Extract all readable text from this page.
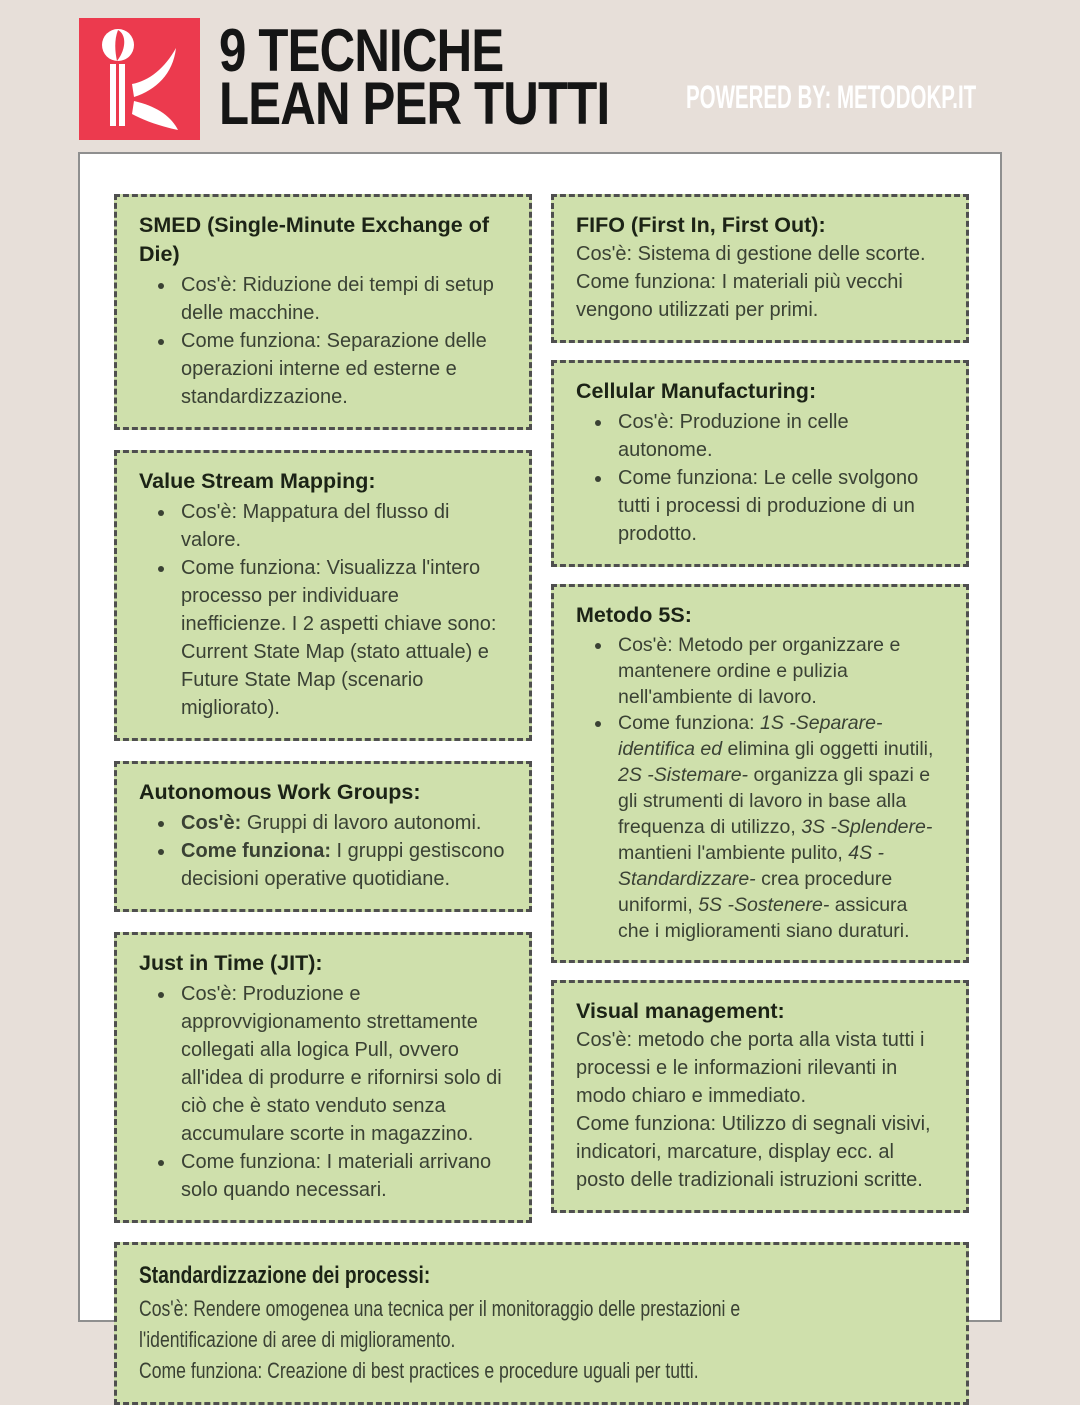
9 TECNICHE
LEAN PER TUTTI POWERED BY: METODOKP.IT
SMED (Single-Minute Exchange of Die)
• Cos'è: Riduzione dei tempi di setup delle macchine.
• Come funziona: Separazione delle operazioni interne ed esterne e standardizzazione.
Value Stream Mapping:
• Cos'è: Mappatura del flusso di valore.
• Come funziona: Visualizza l'intero processo per individuare inefficienze. I 2 aspetti chiave sono: Current State Map (stato attuale) e Future State Map (scenario migliorato).
Autonomous Work Groups:
• Cos'è: Gruppi di lavoro autonomi.
• Come funziona: I gruppi gestiscono decisioni operative quotidiane.
Just in Time (JIT):
• Cos'è: Produzione e approvvigionamento strettamente collegati alla logica Pull, ovvero all'idea di produrre e rifornirsi solo di ciò che è stato venduto senza accumulare scorte in magazzino.
• Come funziona: I materiali arrivano solo quando necessari.
FIFO (First In, First Out):

Cos'è: Sistema di gestione delle scorte.

Come funziona: I materiali più vecchi vengono utilizzati per primi.

Cellular Manufacturing:
• Cos'è: Produzione in celle autonome.
• Come funziona: Le celle svolgono tutti i processi di produzione di un prodotto.
Metodo 5S:
• Cos'è: Metodo per organizzare e mantenere ordine e pulizia nell'ambiente di lavoro.
• Come funziona: 1S -Separare- identifica ed elimina gli oggetti inutili, 2S -Sistemare- organizza gli spazi e gli strumenti di lavoro in base alla frequenza di utilizzo, 3S -Splendere- mantieni l'ambiente pulito, 4S -Standardizzare- crea procedure uniformi, 5S -Sostenere- assicura che i miglioramenti siano duraturi.
Visual management:

Cos'è: metodo che porta alla vista tutti i processi e le informazioni rilevanti in modo chiaro e immediato.

Come funziona: Utilizzo di segnali visivi, indicatori, marcature, display ecc. al posto delle tradizionali istruzioni scritte.

Standardizzazione dei processi:

Cos'è: Rendere omogenea una tecnica per il monitoraggio delle prestazioni e

l'identificazione di aree di miglioramento.

Come funziona: Creazione di best practices e procedure uguali per tutti.
